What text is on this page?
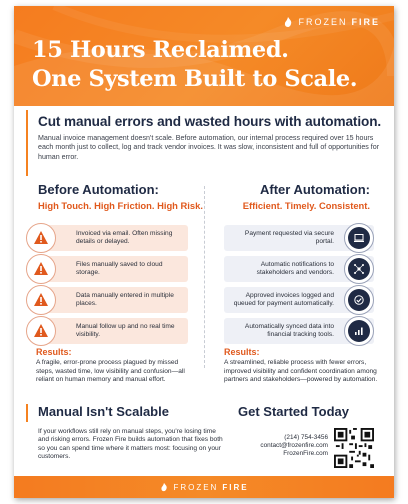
FROZEN FIRE
15 Hours Reclaimed.
One System Built to Scale.
Cut manual errors and wasted hours with automation.

Manual invoice management doesn't scale. Before automation, our internal process required over 15 hours each month just to collect, log and track vendor invoices. It was slow, inconsistent and full of opportunities for human error.

Before Automation:
High Touch. High Friction. High Risk.
After Automation:
Efficient. Timely. Consistent.
Invoiced via email. Often missing details or delayed.
Files manually saved to cloud storage.
Data manually entered in multiple places.
Manual follow up and no real time visibility.
Payment requested via secure portal.
Automatic notifications to stakeholders and vendors.
Approved invoices logged and queued for payment automatically.
Automatically synced data into financial tracking tools.
Results:
A fragile, error-prone process plagued by missed steps, wasted time, low visibility and confusion—all reliant on human memory and manual effort.
Results:
A streamlined, reliable process with fewer errors, improved visibility and confident coordination among partners and stakeholders—powered by automation.
Manual Isn't Scalable

If your workflows still rely on manual steps, you're losing time and risking errors. Frozen Fire builds automation that fixes both so you can spend time where it matters most: focusing on your customers.

Get Started Today
(214) 754-3456
contact@frozenfire.com
FrozenFire.com
FROZEN FIRE
